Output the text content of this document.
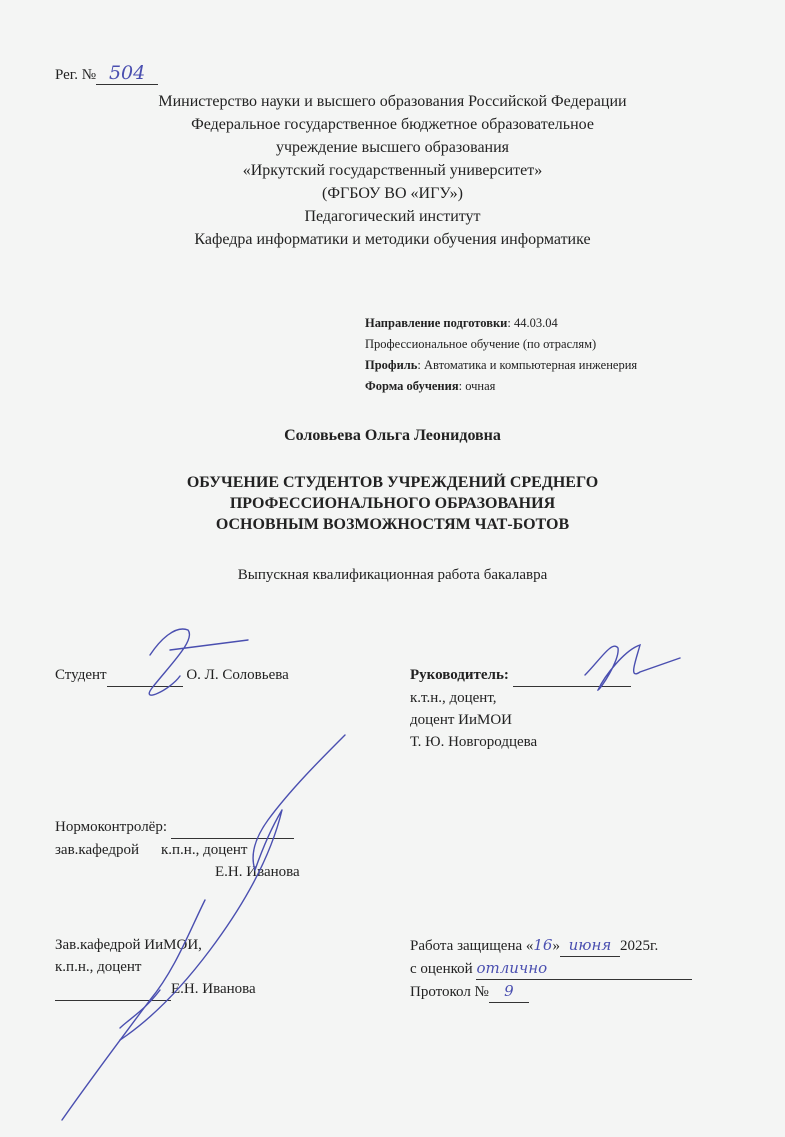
Рег. № 504

Министерство науки и высшего образования Российской Федерации

Федеральное государственное бюджетное образовательное

учреждение высшего образования

«Иркутский государственный университет»

(ФГБОУ ВО «ИГУ»)

Педагогический институт

Кафедра информатики и методики обучения информатике

Направление подготовки: 44.03.04
Профессиональное обучение (по отраслям)
Профиль: Автоматика и компьютерная инженерия
Форма обучения: очная
Соловьева Ольга Леонидовна

ОБУЧЕНИЕ СТУДЕНТОВ УЧРЕЖДЕНИЙ СРЕДНЕГО

ПРОФЕССИОНАЛЬНОГО ОБРАЗОВАНИЯ

ОСНОВНЫМ ВОЗМОЖНОСТЯМ ЧАТ-БОТОВ

Выпускная квалификационная работа бакалавра
Студент	О. Л. Соловьева	Руководитель:

к.т.н., доцент,

доцент ИиМОИ

Т. Ю. Новгородцева

Нормоконтролёр:

зав.кафедрой к.п.н., доцент

Е.Н. Иванова

Зав.кафедрой ИиМОИ,

к.п.н., доцент

Е.Н. Иванова

Работа защищена «16» июня 2025г.

с оценкой отлично

Протокол № 9
